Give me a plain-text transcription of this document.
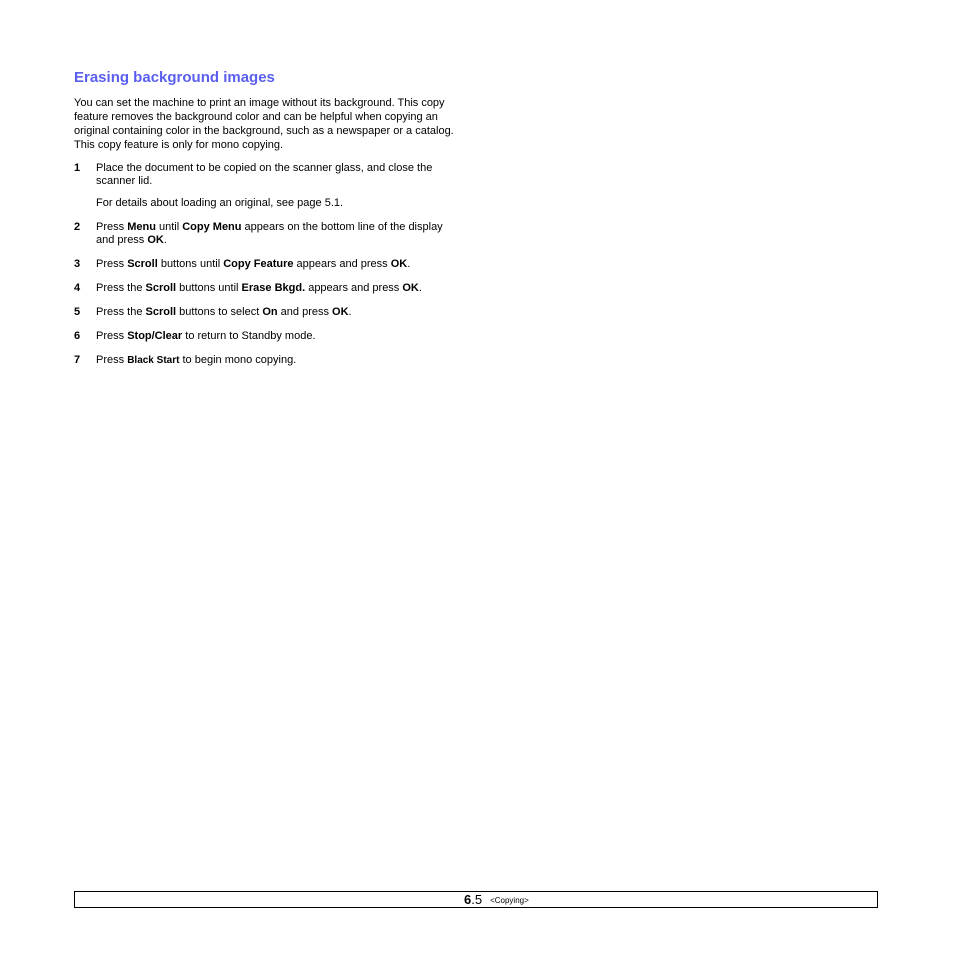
Erasing background images

You can set the machine to print an image without its background. This copy feature removes the background color and can be helpful when copying an original containing color in the background, such as a newspaper or a catalog. This copy feature is only for mono copying.

1 Place the document to be copied on the scanner glass, and close the scanner lid.
For details about loading an original, see page 5.1.
2 Press Menu until Copy Menu appears on the bottom line of the display and press OK.
3 Press Scroll buttons until Copy Feature appears and press OK.
4 Press the Scroll buttons until Erase Bkgd. appears and press OK.
5 Press the Scroll buttons to select On and press OK.
6 Press Stop/Clear to return to Standby mode.
7 Press Black Start to begin mono copying.
6.5 <Copying>
